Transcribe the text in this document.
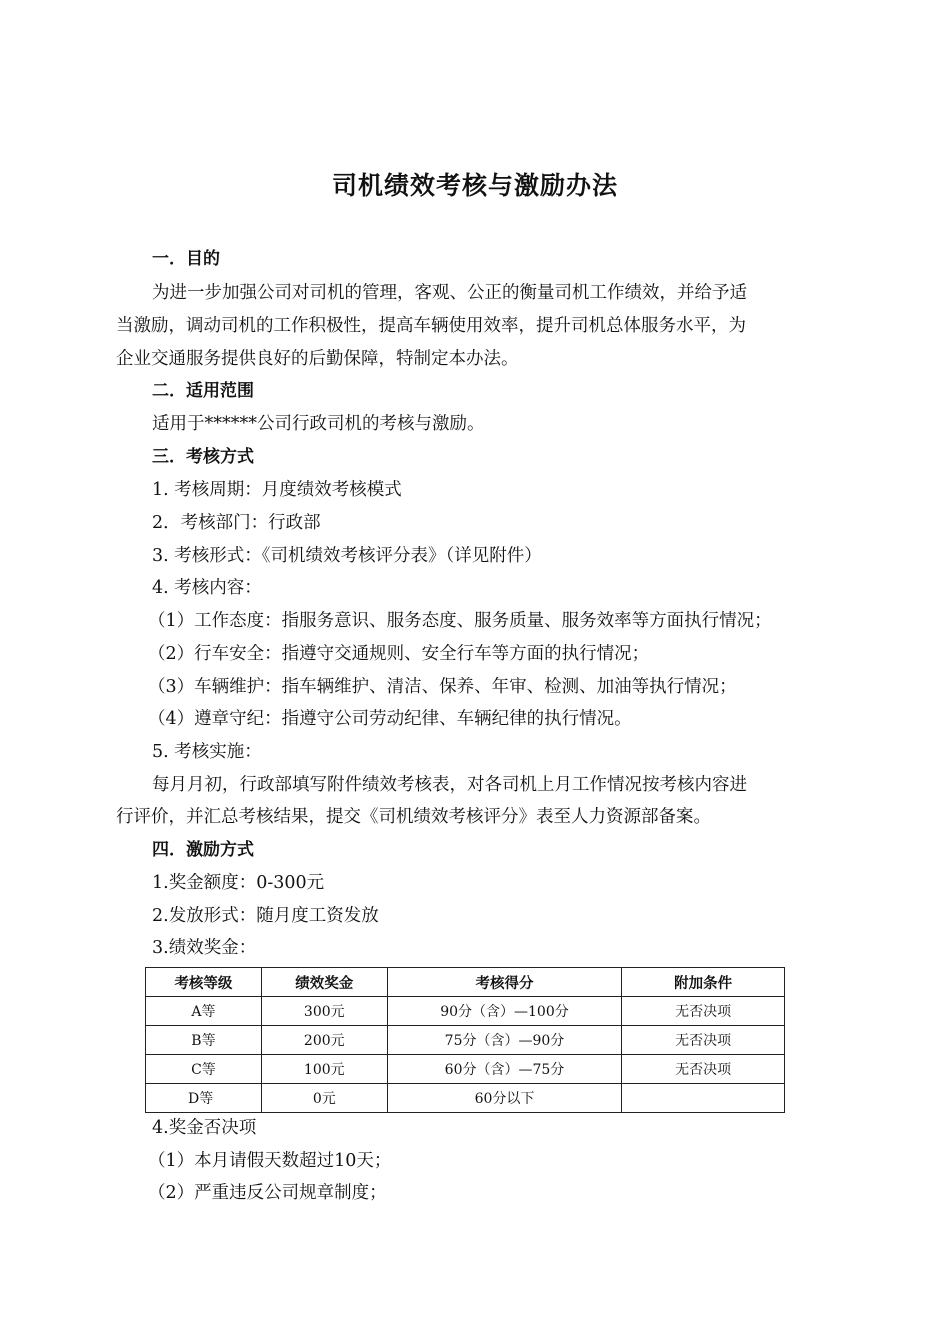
司机绩效考核与激励办法
一．目的
为进一步加强公司对司机的管理，客观、公正的衡量司机工作绩效，并给予适
当激励，调动司机的工作积极性，提高车辆使用效率，提升司机总体服务水平，为
企业交通服务提供良好的后勤保障，特制定本办法。
二．适用范围
适用于******公司行政司机的考核与激励。
三．考核方式
1. 考核周期：月度绩效考核模式
2．考核部门：行政部
3. 考核形式：《司机绩效考核评分表》（详见附件）
4. 考核内容：
（1）工作态度：指服务意识、服务态度、服务质量、服务效率等方面执行情况；
（2）行车安全：指遵守交通规则、安全行车等方面的执行情况；
（3）车辆维护：指车辆维护、清洁、保养、年审、检测、加油等执行情况；
（4）遵章守纪：指遵守公司劳动纪律、车辆纪律的执行情况。
5. 考核实施：
每月月初，行政部填写附件绩效考核表，对各司机上月工作情况按考核内容进
行评价，并汇总考核结果，提交《司机绩效考核评分》表至人力资源部备案。
四．激励方式
1.奖金额度：0-300元
2.发放形式：随月度工资发放
3.绩效奖金：
考核等级	绩效奖金	考核得分	附加条件
A等	300元	90分（含）—100分	无否决项
B等	200元	75分（含）—90分	无否决项
C等	100元	60分（含）—75分	无否决项
D等	0元	60分以下	
4.奖金否决项
（1）本月请假天数超过10天；
（2）严重违反公司规章制度；
